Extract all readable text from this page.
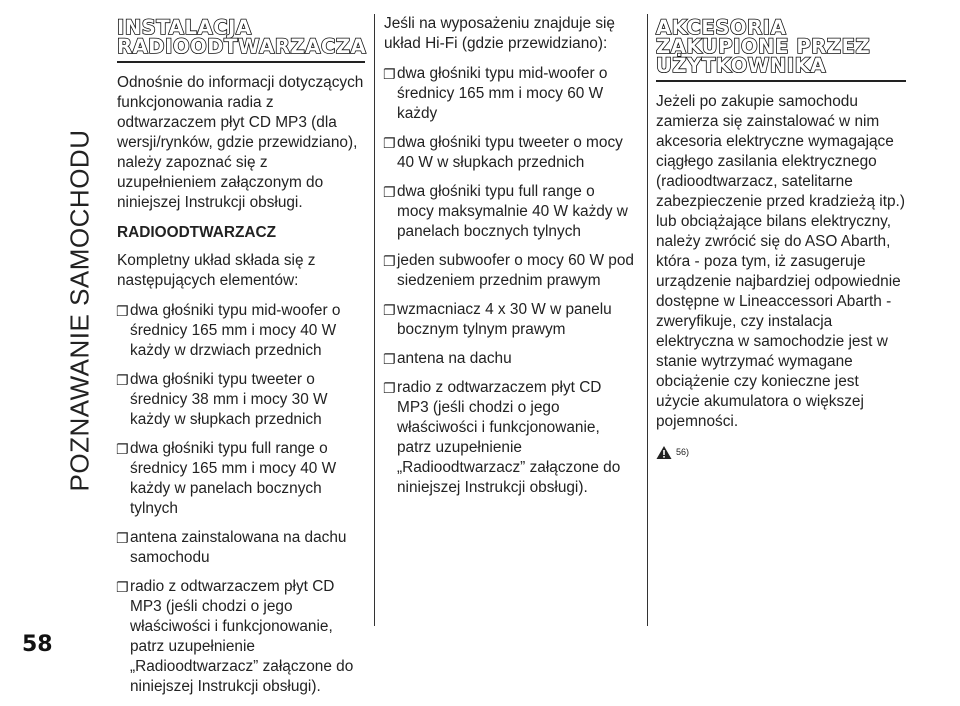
POZNAWANIE SAMOCHODU
58
INSTALACJA RADIOODTWARZACZA

Odnośnie do informacji dotyczących funkcjonowania radia z odtwarzaczem płyt CD MP3 (dla wersji/rynków, gdzie przewidziano), należy zapoznać się z uzupełnieniem załączonym do niniejszej Instrukcji obsługi.

RADIOODTWARZACZ

Kompletny układ składa się z następujących elementów:

❐ dwa głośniki typu mid-woofer o średnicy 165 mm i mocy 40 W każdy w drzwiach przednich
❐ dwa głośniki typu tweeter o średnicy 38 mm i mocy 30 W każdy w słupkach przednich
❐ dwa głośniki typu full range o średnicy 165 mm i mocy 40 W każdy w panelach bocznych tylnych
❐ antena zainstalowana na dachu samochodu
❐ radio z odtwarzaczem płyt CD MP3 (jeśli chodzi o jego właściwości i funkcjonowanie, patrz uzupełnienie „Radioodtwarzacz” załączone do niniejszej Instrukcji obsługi).

Jeśli na wyposażeniu znajduje się układ Hi-Fi (gdzie przewidziano):

❐ dwa głośniki typu mid-woofer o średnicy 165 mm i mocy 60 W każdy
❐ dwa głośniki typu tweeter o mocy 40 W w słupkach przednich
❐ dwa głośniki typu full range o mocy maksymalnie 40 W każdy w panelach bocznych tylnych
❐ jeden subwoofer o mocy 60 W pod siedzeniem przednim prawym
❐ wzmacniacz 4 x 30 W w panelu bocznym tylnym prawym
❐ antena na dachu
❐ radio z odtwarzaczem płyt CD MP3 (jeśli chodzi o jego właściwości i funkcjonowanie, patrz uzupełnienie „Radioodtwarzacz” załączone do niniejszej Instrukcji obsługi).
AKCESORIA ZAKUPIONE PRZEZ UŻYTKOWNIKA

Jeżeli po zakupie samochodu zamierza się zainstalować w nim akcesoria elektryczne wymagające ciągłego zasilania elektrycznego (radioodtwarzacz, satelitarne zabezpieczenie przed kradzieżą itp.) lub obciążające bilans elektryczny, należy zwrócić się do ASO Abarth, która - poza tym, iż zasugeruje urządzenie najbardziej odpowiednie dostępne w Lineaccessori Abarth - zweryfikuje, czy instalacja elektryczna w samochodzie jest w stanie wytrzymać wymagane obciążenie czy konieczne jest użycie akumulatora o większej pojemności.

56)
